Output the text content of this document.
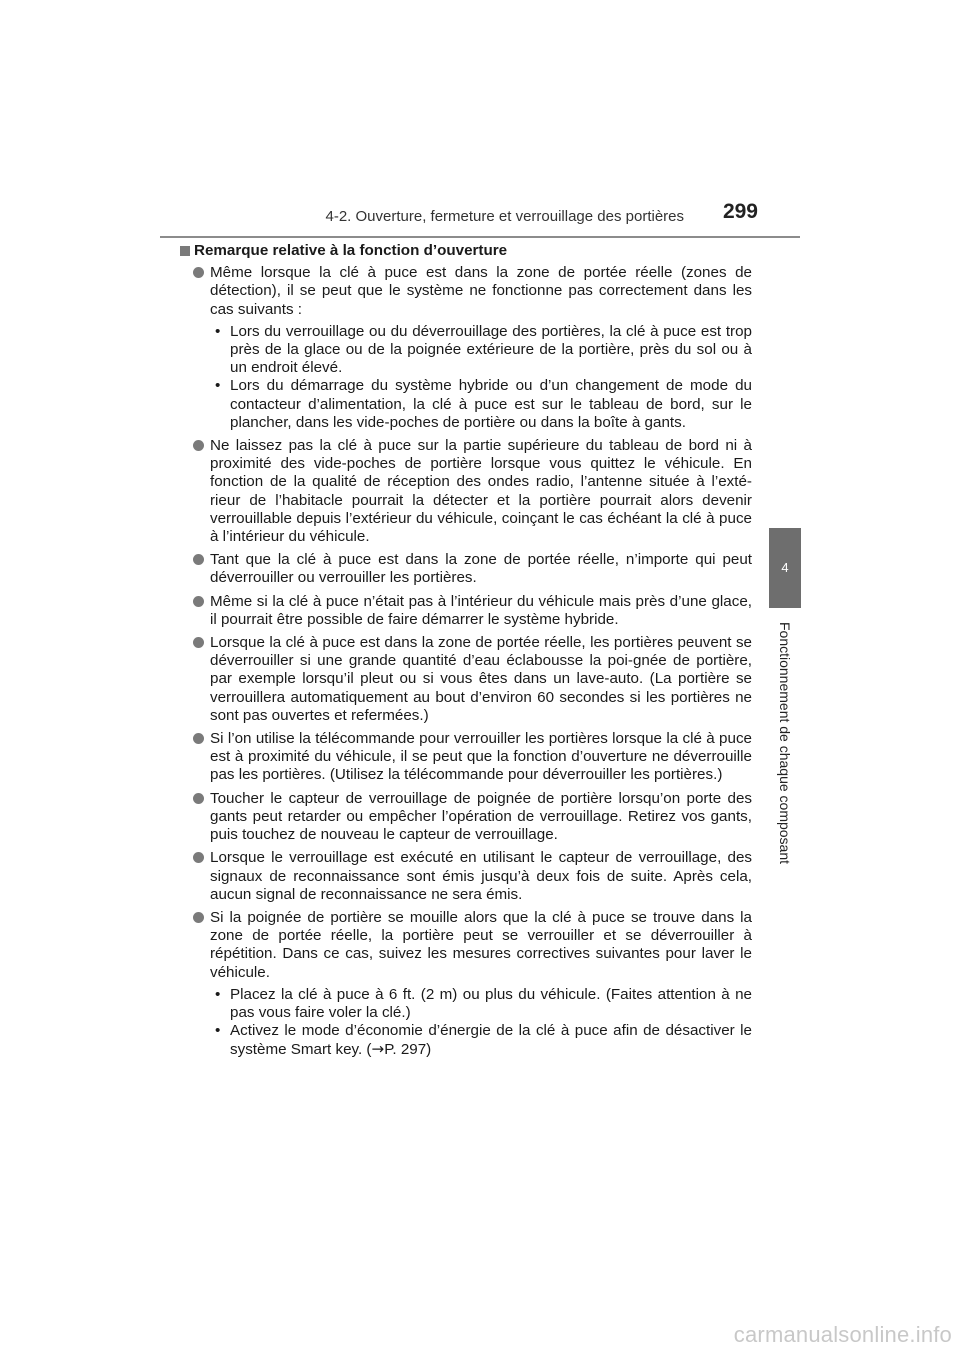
4-2. Ouverture, fermeture et verrouillage des portières 299
4
Fonctionnement de chaque composant
Remarque relative à la fonction d’ouverture
Même lorsque la clé à puce est dans la zone de portée réelle (zones de détection), il se peut que le système ne fonctionne pas correctement dans les cas suivants :
• Lors du verrouillage ou du déverrouillage des portières, la clé à puce est trop près de la glace ou de la poignée extérieure de la portière, près du sol ou à un endroit élevé.
• Lors du démarrage du système hybride ou d’un changement de mode du contacteur d’alimentation, la clé à puce est sur le tableau de bord, sur le plancher, dans les vide-poches de portière ou dans la boîte à gants.
Ne laissez pas la clé à puce sur la partie supérieure du tableau de bord ni à proximité des vide-poches de portière lorsque vous quittez le véhicule. En fonction de la qualité de réception des ondes radio, l’antenne située à l’exté-rieur de l’habitacle pourrait la détecter et la portière pourrait alors devenir verrouillable depuis l’extérieur du véhicule, coinçant le cas échéant la clé à puce à l’intérieur du véhicule.
Tant que la clé à puce est dans la zone de portée réelle, n’importe qui peut déverrouiller ou verrouiller les portières.
Même si la clé à puce n’était pas à l’intérieur du véhicule mais près d’une glace, il pourrait être possible de faire démarrer le système hybride.
Lorsque la clé à puce est dans la zone de portée réelle, les portières peuvent se déverrouiller si une grande quantité d’eau éclabousse la poi-gnée de portière, par exemple lorsqu’il pleut ou si vous êtes dans un lave-auto. (La portière se verrouillera automatiquement au bout d’environ 60 secondes si les portières ne sont pas ouvertes et refermées.)
Si l’on utilise la télécommande pour verrouiller les portières lorsque la clé à puce est à proximité du véhicule, il se peut que la fonction d’ouverture ne déverrouille pas les portières. (Utilisez la télécommande pour déverrouiller les portières.)
Toucher le capteur de verrouillage de poignée de portière lorsqu’on porte des gants peut retarder ou empêcher l’opération de verrouillage. Retirez vos gants, puis touchez de nouveau le capteur de verrouillage.
Lorsque le verrouillage est exécuté en utilisant le capteur de verrouillage, des signaux de reconnaissance sont émis jusqu’à deux fois de suite. Après cela, aucun signal de reconnaissance ne sera émis.
Si la poignée de portière se mouille alors que la clé à puce se trouve dans la zone de portée réelle, la portière peut se verrouiller et se déverrouiller à répétition. Dans ce cas, suivez les mesures correctives suivantes pour laver le véhicule.
• Placez la clé à puce à 6 ft. (2 m) ou plus du véhicule. (Faites attention à ne pas vous faire voler la clé.)
• Activez le mode d’économie d’énergie de la clé à puce afin de désactiver le système Smart key. (→P. 297)
carmanualsonline.info
